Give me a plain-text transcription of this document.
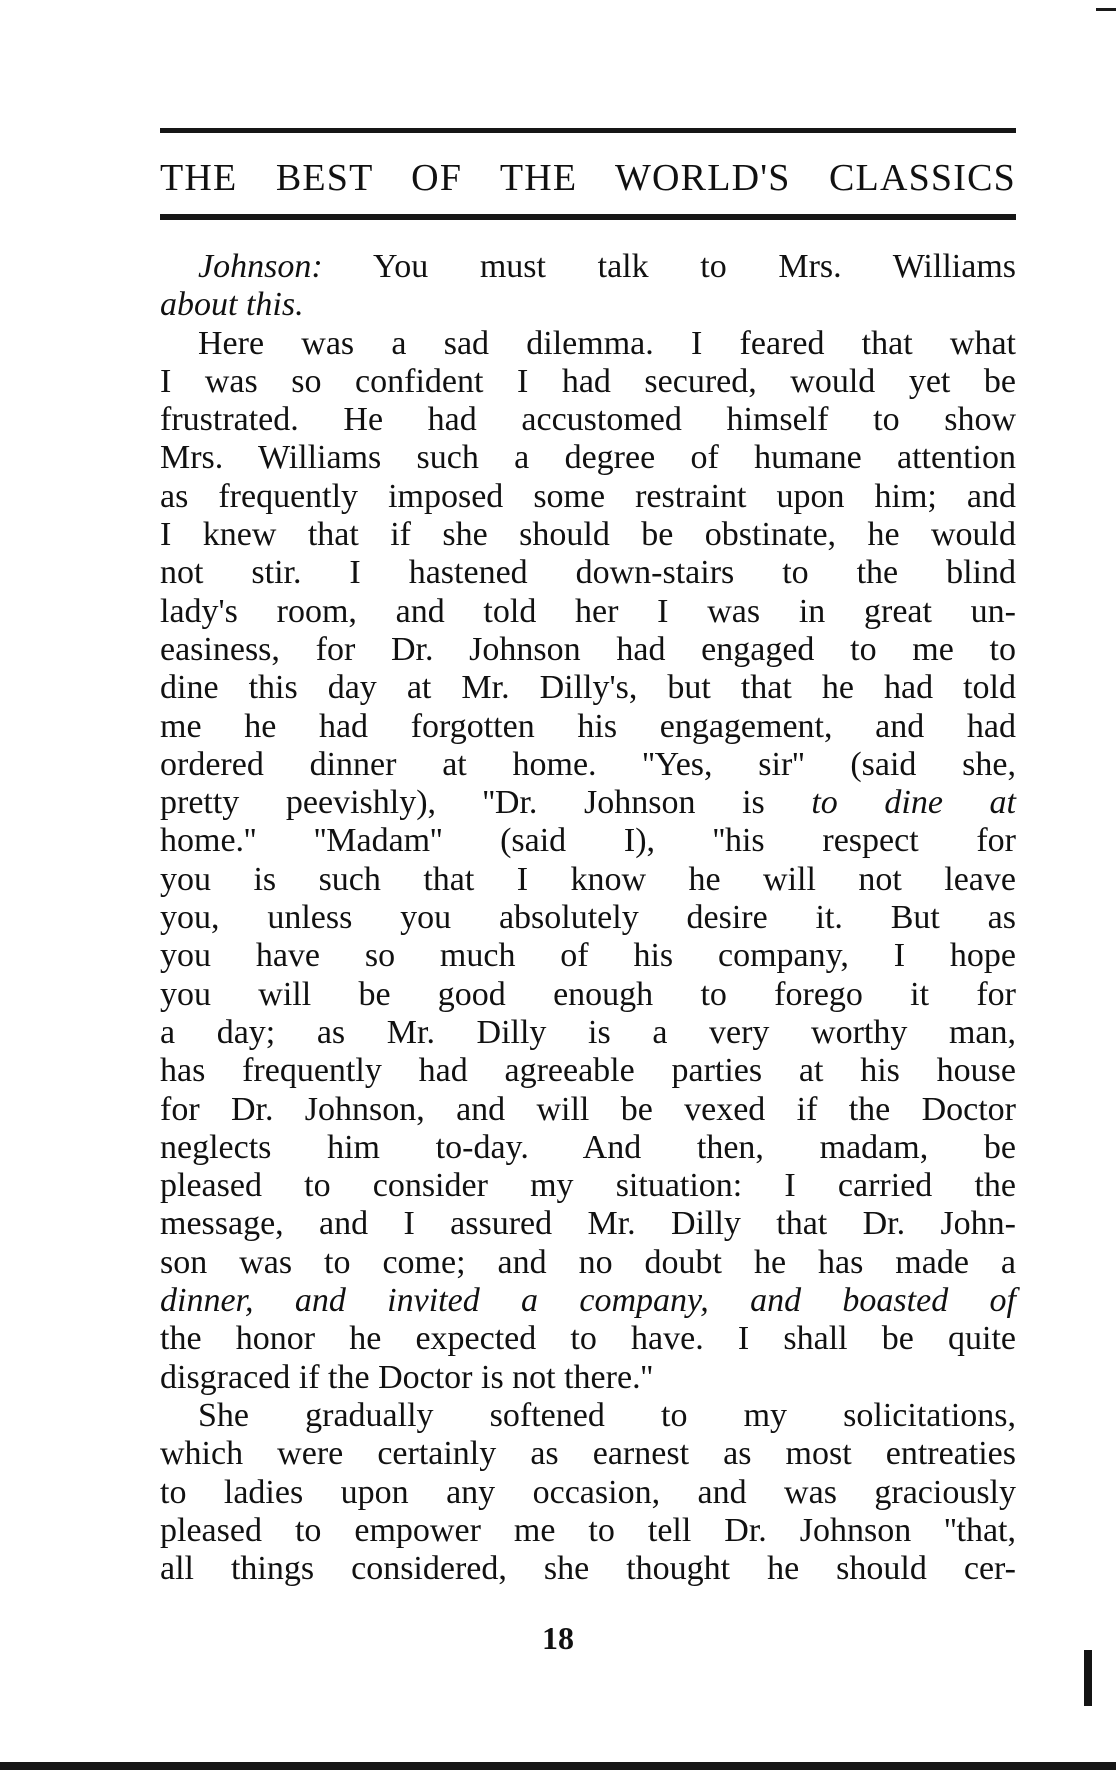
THE BEST OF THE WORLD'S CLASSICS
Johnson: You must talk to Mrs. Williams
about this.
Here was a sad dilemma. I feared that what
I was so confident I had secured, would yet be
frustrated. He had accustomed himself to show
Mrs. Williams such a degree of humane attention
as frequently imposed some restraint upon him; and
I knew that if she should be obstinate, he would
not stir. I hastened down-stairs to the blind
lady's room, and told her I was in great un-
easiness, for Dr. Johnson had engaged to me to
dine this day at Mr. Dilly's, but that he had told
me he had forgotten his engagement, and had
ordered dinner at home. ''Yes, sir'' (said she,
pretty peevishly), ''Dr. Johnson is to dine at
home.'' ''Madam'' (said I), ''his respect for
you is such that I know he will not leave
you, unless you absolutely desire it. But as
you have so much of his company, I hope
you will be good enough to forego it for
a day; as Mr. Dilly is a very worthy man,
has frequently had agreeable parties at his house
for Dr. Johnson, and will be vexed if the Doctor
neglects him to-day. And then, madam, be
pleased to consider my situation: I carried the
message, and I assured Mr. Dilly that Dr. John-
son was to come; and no doubt he has made a
dinner, and invited a company, and boasted of
the honor he expected to have. I shall be quite
disgraced if the Doctor is not there.''
She gradually softened to my solicitations,
which were certainly as earnest as most entreaties
to ladies upon any occasion, and was graciously
pleased to empower me to tell Dr. Johnson ''that,
all things considered, she thought he should cer-
18
